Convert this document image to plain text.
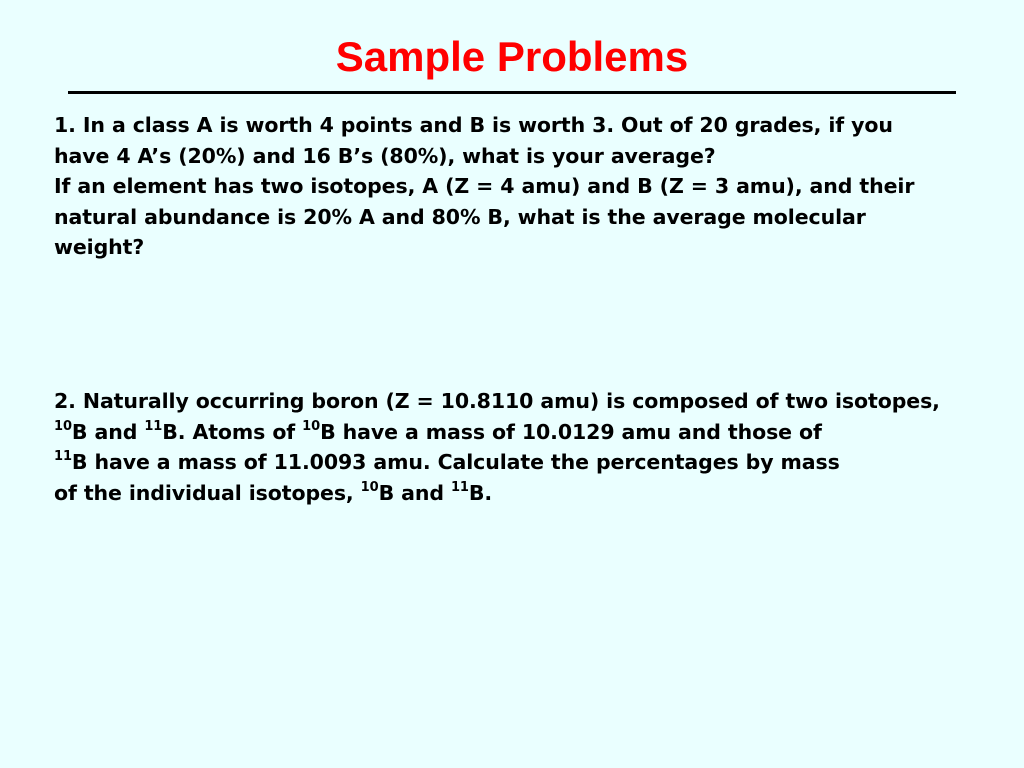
Sample Problems
1. In a class A is worth 4 points and B is worth 3. Out of 20 grades, if you
have 4 A’s (20%) and 16 B’s (80%), what is your average?
If an element has two isotopes, A (Z = 4 amu) and B (Z = 3 amu), and their
natural abundance is 20% A and 80% B, what is the average molecular
weight?
2. Naturally occurring boron (Z = 10.8110 amu) is composed of two isotopes,
$^{10}$B and $^{11}$B. Atoms of $^{10}$B have a mass of 10.0129 amu and those of
$^{11}$B have a mass of 11.0093 amu. Calculate the percentages by mass
of the individual isotopes, $^{10}$B and $^{11}$B.
